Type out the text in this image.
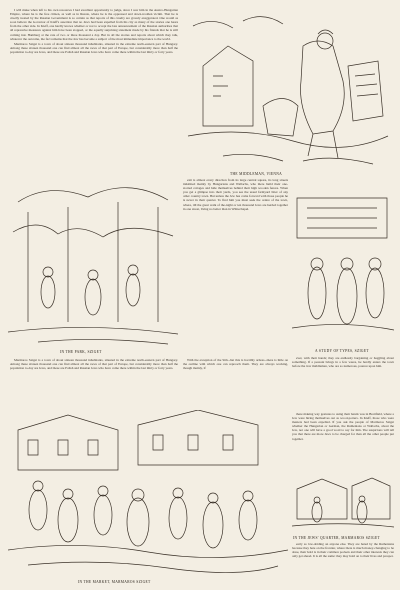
I will make when left to his own resources I had excellent opportunity to judge, since I saw him in the Austro-Hungarian Empire, where he is the free citizen, as well as in Russia, where he is the oppressed and down-trodden victim. That he is cruelly treated by the Russian Government is so certain as that reports of this cruelty are grossly exaggerated. One would as soon believe the Governor of Kieff's assertion that no Jews had been expelled from his city as many of the stories one hears from the other side. In Kieff, one hardly knows whether or not to accept the late announcement of the Russian authorities that all repressive measures against him have been stopped, or the equally surprising statement made by his friends that he is still coming into Hamburg at the rate of two or three thousand a day. But in all the stories and reports about which they talk, whatever the outcome, the fact remains that the Jew has become a subject of the most immediate importance to the world.

Marmaros Sziget is a town of about sixteen thousand inhabitants, situated in the extreme north-eastern part of Hungary. Among these sixteen thousand one can find almost all the races of that part of Europe, but considerably more than half the population to-day are Jews, and these are Polish and Russian Jews who have come there within the last thirty or forty years.

THE MIDDLEMAN, VIENNA
IN THE PARK, SZIGET

exit is almost every direction from its large central square, its long streets inhabited mainly by Hungarians and Wallachs, who there build their one-storied cottages and hide themselves behind their high wooden fences. When you get a glimpse into their yards, you see the usual farmyard litter of any other country town. But unless the Jew has come forward with those people he is never in their quarter. To find him you must seek the centre of the town, where, till the great walk of the-night or ten thousand Jews are herded together in one street, living no better than in Whitechapel.

A STUDY OF TYPES, SZIGET

Marmaros Sziget is a town of about sixteen thousand inhabitants, situated in the extreme north-eastern part of Hungary. Among these sixteen thousand one can find almost all the races of that part of Europe, but considerably more than half the population to-day are Jews, and these are Polish and Russian Jews who have come there within the last thirty or forty years.

With the exception of the Sith--but this is horribly artless--there is little on the outline with which one can reproach them. They are always working, though mainly, if

ever, with their hands; they are endlessly bargaining or haggling about something. If a peasant brings in a few wares, he hardly enters the town before the Jew middlemen, who are so numerous, pounce upon him.

IN THE MARKET, MARMAROS SZIGET

there making way gestures to using their hands was in Breitfield, where a Jew were hiring themselves out as wood-porters. In Kieff, those who were masters had been expelled. If you ask the people of Marmaros Sziget whether the Hungarian or German, the Ruthenians or Wallachs, about the Jew, not one will have a good word to say for him. The suspicions will tell you that there are more Jews to be charged for than all the other people put together.

IN THE JEWS' QUARTER, MARMAROS SZIGET

early as low-abiding an anyone else. They are hated by the Ruthenians because they hate on the frontier, where there is much money-changing to be done, their hold is in their common pockets and their other interests they can only get ahead. It is all the same: they may hold on to their lives and prosper.
